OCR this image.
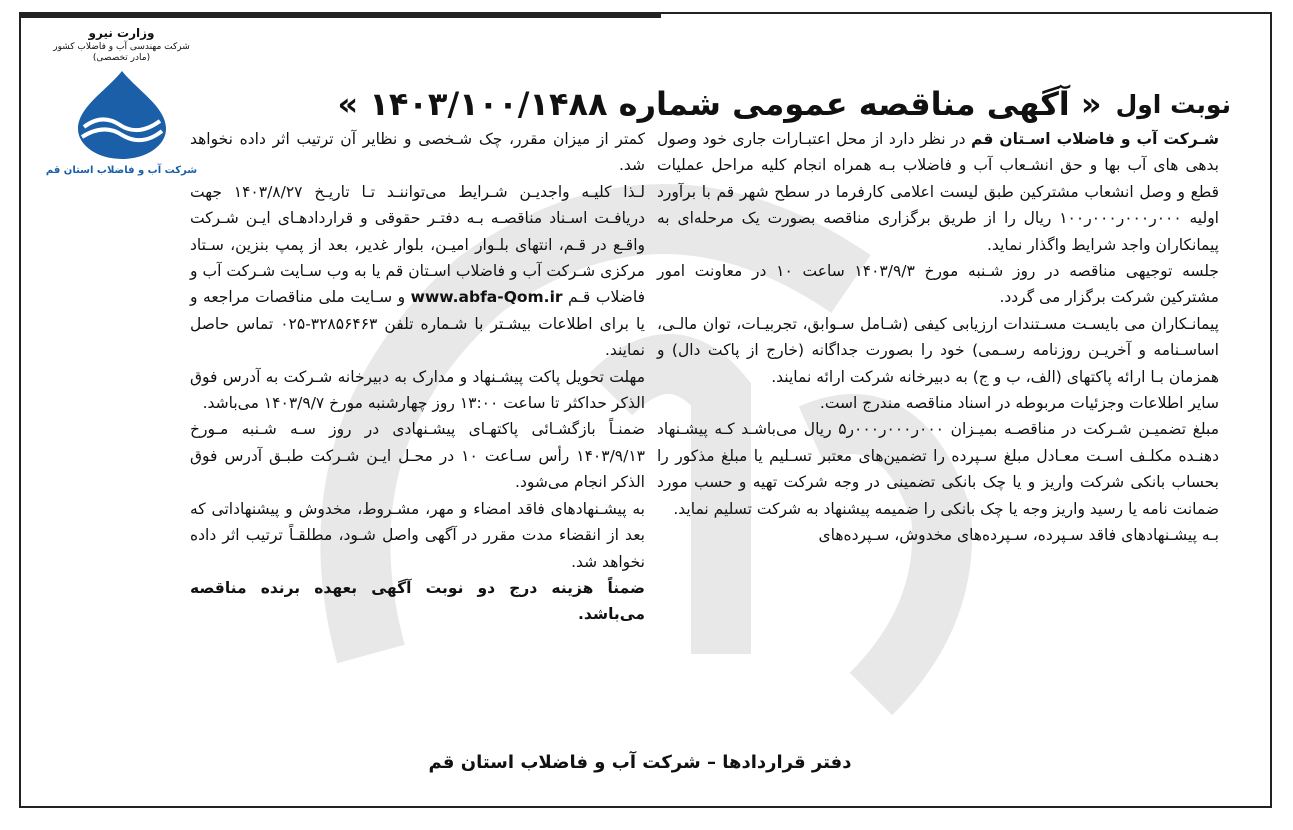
وزارت نیرو
شرکت مهندسی آب و فاضلاب کشور
(مادر تخصصی)
شرکت آب و فاضلاب استان قم
نوبت اول
« آگهی مناقصه عمومی شماره ۱۴۰۳/۱۰۰/۱۴۸۸ »

شـرکت آب و فاضلاب اسـتان قم در نظر دارد از محل اعتبـارات جاری خود وصول بدهی های آب بها و حق انشـعاب آب و فاضلاب بـه همراه انجام کلیه مراحل عملیات قطع و وصل انشعاب مشترکین طبق لیست اعلامی کارفرما در سطح شهر قم با برآورد اولیه ۰۰۰ر۰۰۰ر۰۰۰ر۱۰۰ ریال را از طریق برگزاری مناقصه بصورت یک مرحله‌ای به پیمانکاران واجد شرایط واگذار نماید.

جلسه توجیهی مناقصه در روز شـنبه مورخ ۱۴۰۳/۹/۳ ساعت ۱۰ در معاونت امور مشترکین شرکت برگزار می گردد.

پیمانـکاران می بایسـت مسـتندات ارزیابی کیفی (شـامل سـوابق، تجربیـات، توان مالـی، اساسـنامه و آخریـن روزنامه رسـمی) خود را بصورت جداگانه (خارج از پاکت دال) و همزمان بـا ارائه پاکتهای (الف، ب و ج) به دبیرخانه شرکت ارائه نمایند.

سایر اطلاعات وجزئیات مربوطه در اسناد مناقصه مندرج است.

مبلغ تضمیـن شـرکت در مناقصـه بمیـزان ۰۰۰ر۰۰۰ر۰۰۰ر۵ ریال می‌باشـد کـه پیشـنهاد دهنـده مکلـف اسـت معـادل مبلغ سـپرده را تضمین‌های معتبر تسـلیم یا مبلغ مذکور را بحساب بانکی شرکت واریز و یا چک بانکی تضمینی در وجه شرکت تهیه و حسب مورد ضمانت نامه یا رسید واریز وجه یا چک بانکی را ضمیمه پیشنهاد به شرکت تسلیم نماید.

بـه پیشـنهادهای فاقد سـپرده، سـپرده‌های مخدوش، سـپرده‌های

کمتر از میزان مقرر، چک شـخصی و نظایر آن ترتیب اثر داده نخواهد شد.

لـذا کلیـه واجدیـن شـرایط می‌تواننـد تـا تاریـخ ۱۴۰۳/۸/۲۷ جهت دریافـت اسـناد مناقصـه بـه دفتـر حقوقی و قراردادهـای ایـن شـرکت واقـع در قـم، انتهای بلـوار امیـن، بلوار غدیر، بعد از پمپ بنزین، سـتاد مرکزی شـرکت آب و فاضلاب اسـتان قم یا به وب سـایت شـرکت آب و فاضلاب قـم www.abfa-Qom.ir و سـایت ملی مناقصات مراجعه و یا برای اطلاعات بیشـتر با شـماره تلفن ۳۲۸۵۶۴۶۳-۰۲۵ تماس حاصل نمایند.

مهلت تحویل پاکت پیشـنهاد و مدارک به دبیرخانه شـرکت به آدرس فوق الذکر حداکثر تا ساعت ۱۳:۰۰ روز چهارشنبه مورخ ۱۴۰۳/۹/۷ می‌باشد.

ضمنـاً بازگشـائی پاکتهـای پیشـنهادی در روز سـه شـنبه مـورخ ۱۴۰۳/۹/۱۳ رأس سـاعت ۱۰ در محـل ایـن شـرکت طبـق آدرس فوق الذکر انجام می‌شود.

به پیشـنهادهای فاقد امضاء و مهر، مشـروط، مخدوش و پیشنهاداتی که بعد از انقضاء مدت مقرر در آگهی واصل شـود، مطلقـاً ترتیب اثر داده نخواهد شد.

ضمناً هزینه درج دو نوبت آگهی بعهده برنده مناقصه می‌باشد.

دفتر قراردادها – شرکت آب و فاضلاب استان قم
